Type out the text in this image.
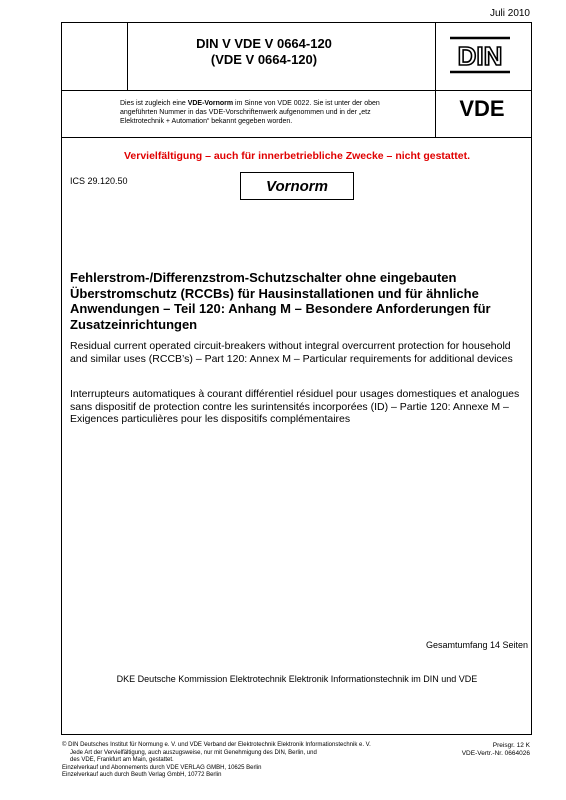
Juli 2010
DIN V VDE V 0664-120
(VDE V 0664-120)	DIN
Dies ist zugleich eine VDE-Vornorm im Sinne von VDE 0022. Sie ist unter der oben angeführten Nummer in das VDE-Vorschriftenwerk aufgenommen und in der „etz Elektrotechnik + Automation“ bekannt gegeben worden.
VDE
Vervielfältigung – auch für innerbetriebliche Zwecke – nicht gestattet.
ICS 29.120.50	Vornorm
Fehlerstrom-/Differenzstrom-Schutzschalter ohne eingebauten Überstromschutz (RCCBs) für Hausinstallationen und für ähnliche Anwendungen – Teil 120: Anhang M – Besondere Anforderungen für Zusatzeinrichtungen
Residual current operated circuit-breakers without integral overcurrent protection for household and similar uses (RCCB’s) – Part 120: Annex M – Particular requirements for additional devices
Interrupteurs automatiques à courant différentiel résiduel pour usages domestiques et analogues sans dispositif de protection contre les surintensités incorporées (ID) – Partie 120: Annexe M – Exigences particulières pour les dispositifs complémentaires
Gesamtumfang 14 Seiten
DKE Deutsche Kommission Elektrotechnik Elektronik Informationstechnik im DIN und VDE
© DIN Deutsches Institut für Normung e. V. und VDE Verband der Elektrotechnik Elektronik Informationstechnik e. V.
Jede Art der Vervielfältigung, auch auszugsweise, nur mit Genehmigung des DIN, Berlin, und
des VDE, Frankfurt am Main, gestattet.
Einzelverkauf und Abonnements durch VDE VERLAG GMBH, 10625 Berlin
Einzelverkauf auch durch Beuth Verlag GmbH, 10772 Berlin
Preisgr. 12 K
VDE-Vertr.-Nr. 0664026
